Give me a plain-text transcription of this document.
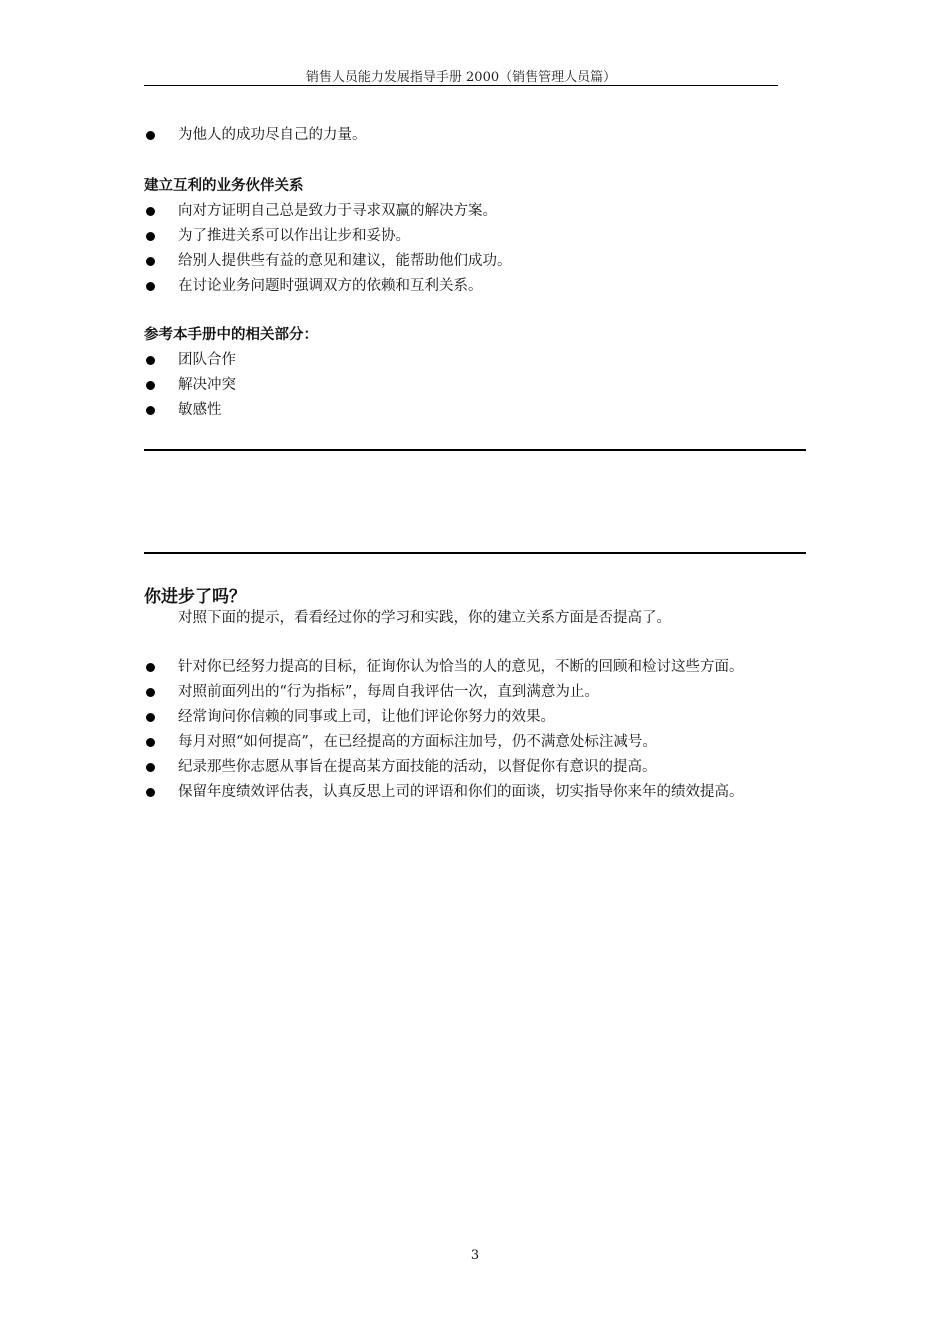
销售人员能力发展指导手册 2000（销售管理人员篇）
为他人的成功尽自己的力量。
建立互利的业务伙伴关系
向对方证明自己总是致力于寻求双赢的解决方案。
为了推进关系可以作出让步和妥协。
给别人提供些有益的意见和建议，能帮助他们成功。
在讨论业务问题时强调双方的依赖和互利关系。
参考本手册中的相关部分：
团队合作
解决冲突
敏感性
你进步了吗？
对照下面的提示，看看经过你的学习和实践，你的建立关系方面是否提高了。
针对你已经努力提高的目标，征询你认为恰当的人的意见，不断的回顾和检讨这些方面。
对照前面列出的“行为指标”，每周自我评估一次，直到满意为止。
经常询问你信赖的同事或上司，让他们评论你努力的效果。
每月对照“如何提高”，在已经提高的方面标注加号，仍不满意处标注减号。
纪录那些你志愿从事旨在提高某方面技能的活动，以督促你有意识的提高。
保留年度绩效评估表，认真反思上司的评语和你们的面谈，切实指导你来年的绩效提高。
3
